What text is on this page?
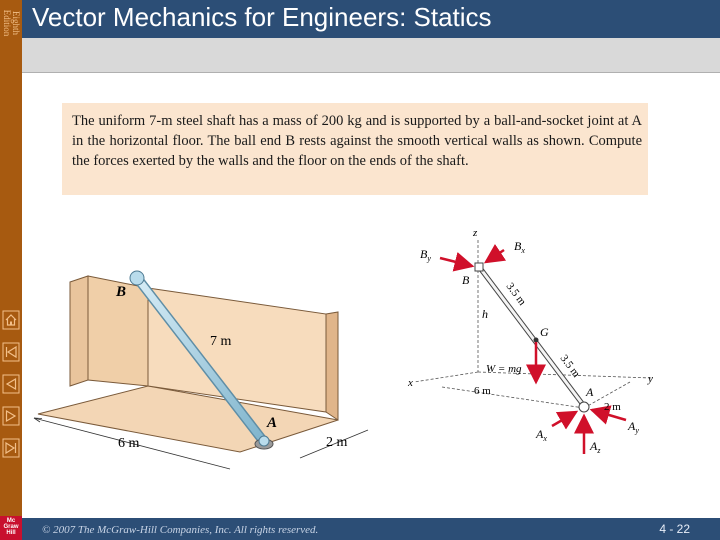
Eighth
Edition
Mc
Graw
Hill
Vector Mechanics for Engineers: Statics
The uniform 7-m steel shaft has a mass of 200 kg and is supported by a ball-and-socket joint at A in the horizontal floor. The ball end B rests against the smooth vertical walls as shown. Compute the forces exerted by the walls and the floor on the ends of the shaft.
B
A
7 m
6 m	2 m
z
$B_y$
$B_x$
B
3.5 m
h
G
W = mg	3.5 m
x
6 m	A
y
2 m
$A_x$
$A_y$
$A_z$
© 2007 The McGraw-Hill Companies, Inc. All rights reserved.	4 - 22
